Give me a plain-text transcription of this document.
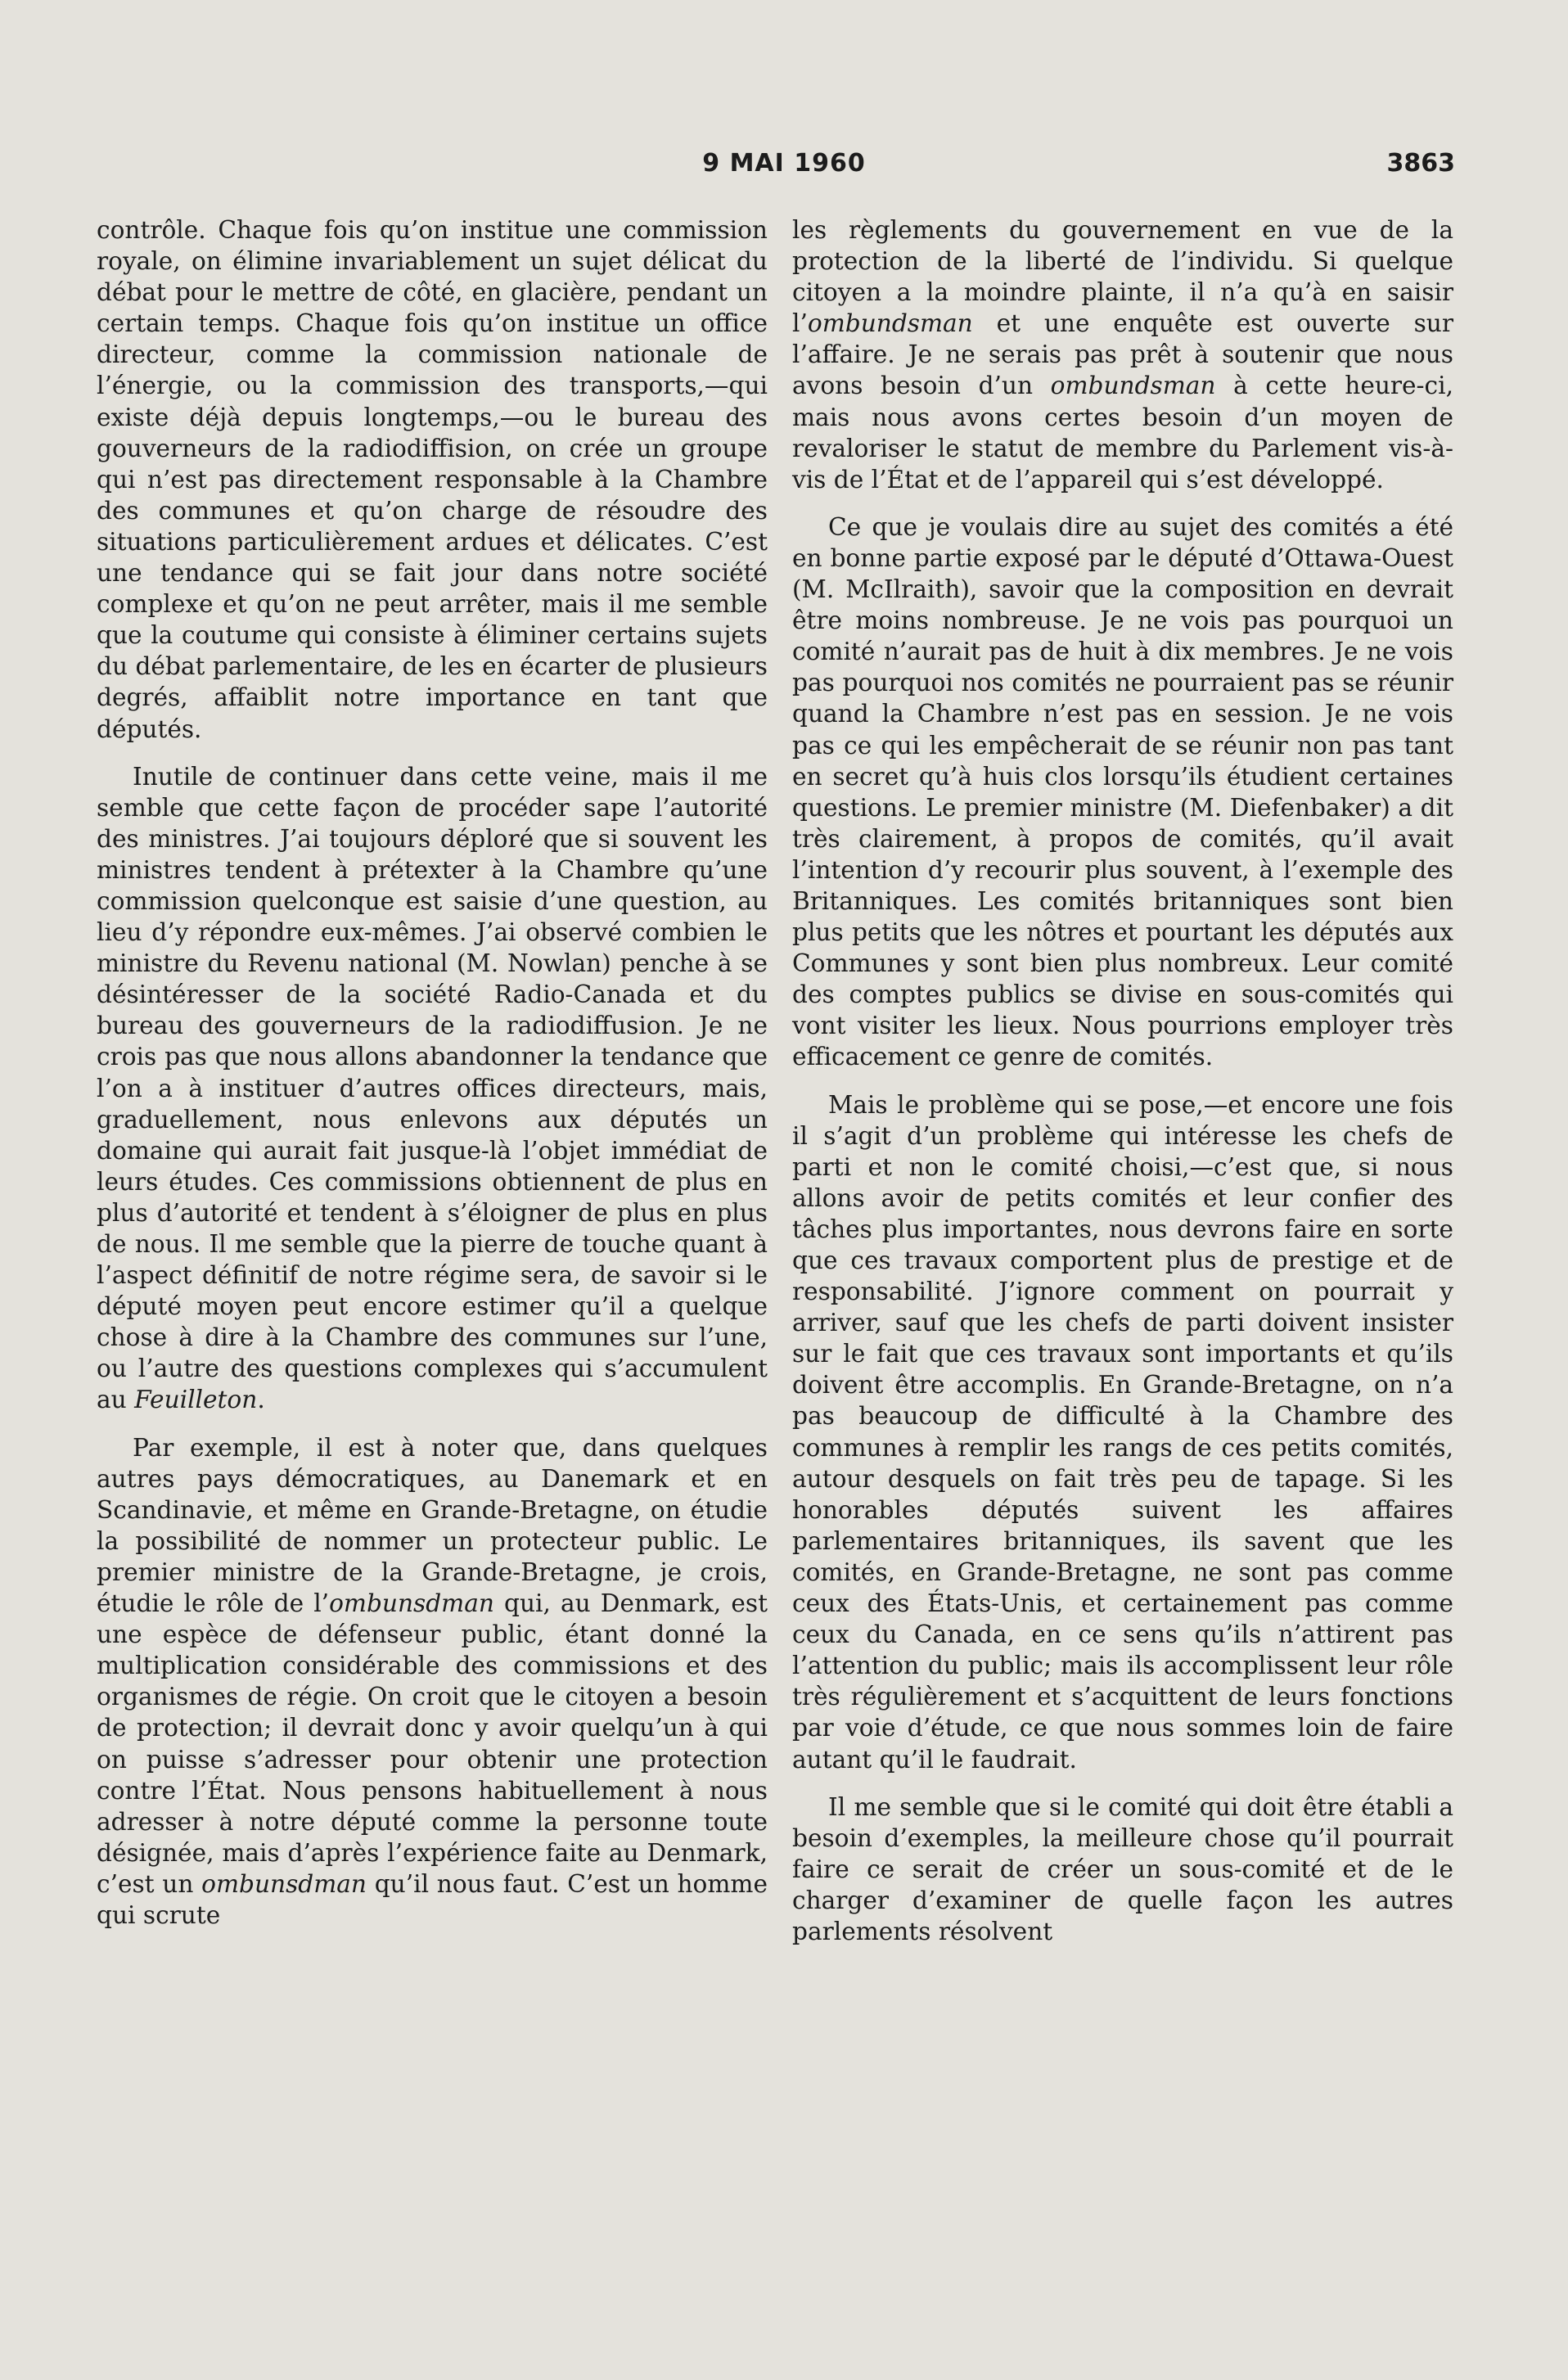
9 MAI 1960	3863

contrôle. Chaque fois qu’on institue une commission royale, on élimine invariablement un sujet délicat du débat pour le mettre de côté, en glacière, pendant un certain temps. Chaque fois qu’on institue un office directeur, comme la commission nationale de l’énergie, ou la commission des transports,—qui existe déjà depuis longtemps,—ou le bureau des gouverneurs de la radiodiffision, on crée un groupe qui n’est pas directement responsable à la Chambre des communes et qu’on charge de résoudre des situations particulièrement ardues et délicates. C’est une tendance qui se fait jour dans notre société complexe et qu’on ne peut arrêter, mais il me semble que la coutume qui consiste à éliminer certains sujets du débat parlementaire, de les en écarter de plusieurs degrés, affaiblit notre importance en tant que députés.

Inutile de continuer dans cette veine, mais il me semble que cette façon de procéder sape l’autorité des ministres. J’ai toujours déploré que si souvent les ministres tendent à prétexter à la Chambre qu’une commission quelconque est saisie d’une question, au lieu d’y répondre eux-mêmes. J’ai observé combien le ministre du Revenu national (M. Nowlan) penche à se désintéresser de la société Radio-Canada et du bureau des gouverneurs de la radiodiffusion. Je ne crois pas que nous allons abandonner la tendance que l’on a à instituer d’autres offices directeurs, mais, graduellement, nous enlevons aux députés un domaine qui aurait fait jusque-là l’objet immédiat de leurs études. Ces commissions obtiennent de plus en plus d’autorité et tendent à s’éloigner de plus en plus de nous. Il me semble que la pierre de touche quant à l’aspect définitif de notre régime sera, de savoir si le député moyen peut encore estimer qu’il a quelque chose à dire à la Chambre des communes sur l’une, ou l’autre des questions complexes qui s’accumulent au Feuilleton.

Par exemple, il est à noter que, dans quelques autres pays démocratiques, au Danemark et en Scandinavie, et même en Grande-Bretagne, on étudie la possibilité de nommer un protecteur public. Le premier ministre de la Grande-Bretagne, je crois, étudie le rôle de l’ombunsdman qui, au Denmark, est une espèce de défenseur public, étant donné la multiplication considérable des commissions et des organismes de régie. On croit que le citoyen a besoin de protection; il devrait donc y avoir quelqu’un à qui on puisse s’adresser pour obtenir une protection contre l’État. Nous pensons habituellement à nous adresser à notre député comme la personne toute désignée, mais d’après l’expérience faite au Denmark, c’est un ombunsdman qu’il nous faut. C’est un homme qui scrute

les règlements du gouvernement en vue de la protection de la liberté de l’individu. Si quelque citoyen a la moindre plainte, il n’a qu’à en saisir l’ombundsman et une enquête est ouverte sur l’affaire. Je ne serais pas prêt à soutenir que nous avons besoin d’un ombundsman à cette heure-ci, mais nous avons certes besoin d’un moyen de revaloriser le statut de membre du Parlement vis-à-vis de l’État et de l’appareil qui s’est développé.

Ce que je voulais dire au sujet des comités a été en bonne partie exposé par le député d’Ottawa-Ouest (M. McIlraith), savoir que la composition en devrait être moins nombreuse. Je ne vois pas pourquoi un comité n’aurait pas de huit à dix membres. Je ne vois pas pourquoi nos comités ne pourraient pas se réunir quand la Chambre n’est pas en session. Je ne vois pas ce qui les empêcherait de se réunir non pas tant en secret qu’à huis clos lorsqu’ils étudient certaines questions. Le premier ministre (M. Diefenbaker) a dit très clairement, à propos de comités, qu’il avait l’intention d’y recourir plus souvent, à l’exemple des Britanniques. Les comités britanniques sont bien plus petits que les nôtres et pourtant les députés aux Communes y sont bien plus nombreux. Leur comité des comptes publics se divise en sous-comités qui vont visiter les lieux. Nous pourrions employer très efficacement ce genre de comités.

Mais le problème qui se pose,—et encore une fois il s’agit d’un problème qui intéresse les chefs de parti et non le comité choisi,—c’est que, si nous allons avoir de petits comités et leur confier des tâches plus importantes, nous devrons faire en sorte que ces travaux comportent plus de prestige et de responsabilité. J’ignore comment on pourrait y arriver, sauf que les chefs de parti doivent insister sur le fait que ces travaux sont importants et qu’ils doivent être accomplis. En Grande-Bretagne, on n’a pas beaucoup de difficulté à la Chambre des communes à remplir les rangs de ces petits comités, autour desquels on fait très peu de tapage. Si les honorables députés suivent les affaires parlementaires britanniques, ils savent que les comités, en Grande-Bretagne, ne sont pas comme ceux des États-Unis, et certainement pas comme ceux du Canada, en ce sens qu’ils n’attirent pas l’attention du public; mais ils accomplissent leur rôle très régulièrement et s’acquittent de leurs fonctions par voie d’étude, ce que nous sommes loin de faire autant qu’il le faudrait.

Il me semble que si le comité qui doit être établi a besoin d’exemples, la meilleure chose qu’il pourrait faire ce serait de créer un sous-comité et de le charger d’examiner de quelle façon les autres parlements résolvent
